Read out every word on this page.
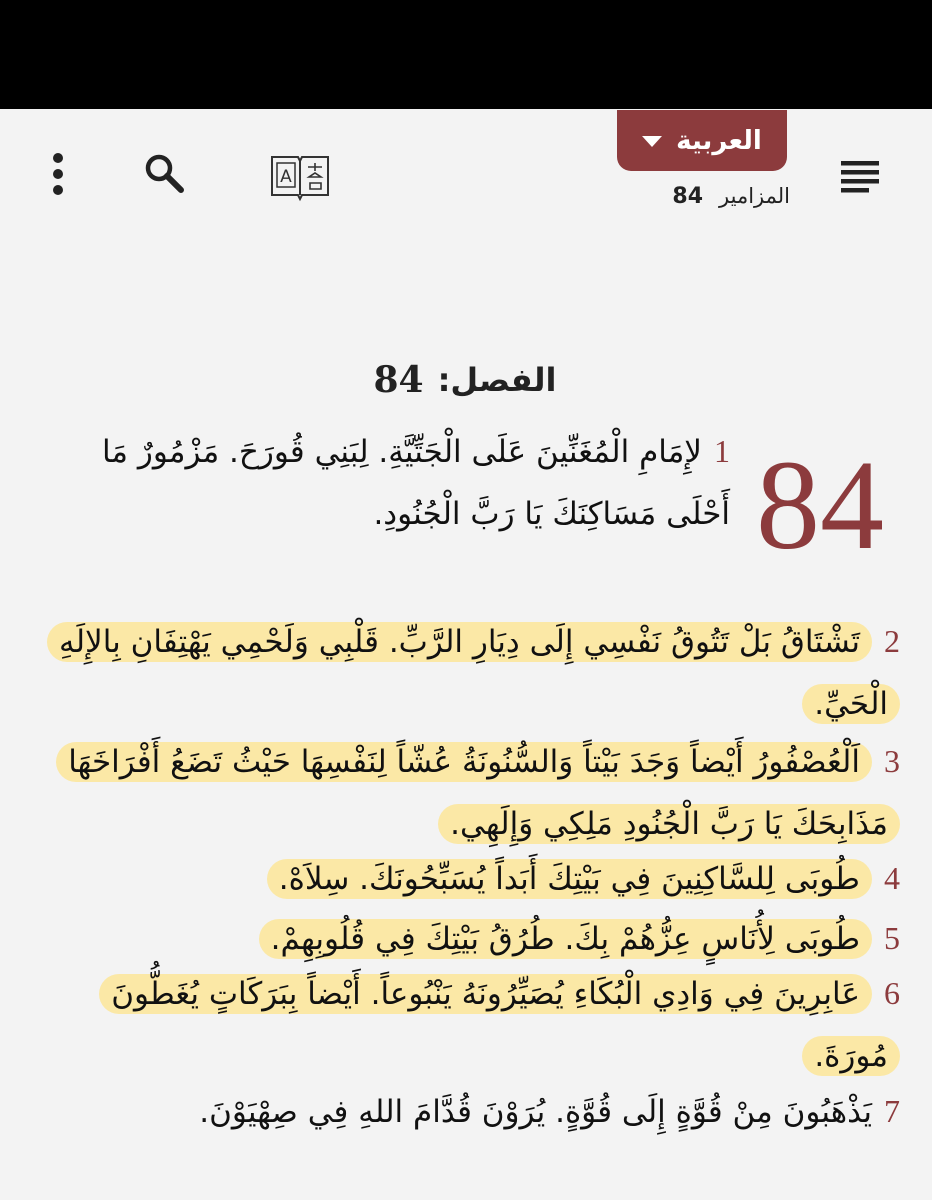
A
العربية
المزامير
84
الفصل:
84
84
1لإِمَامِ الْمُغَنِّينَ عَلَى الْجَتِّيَّةِ. لِبَنِي قُورَحَ. مَزْمُورٌ مَا أَحْلَى مَسَاكِنَكَ يَا رَبَّ الْجُنُودِ.
2تَشْتَاقُ بَلْ تَتُوقُ نَفْسِي إِلَى دِيَارِ الرَّبِّ. قَلْبِي وَلَحْمِي يَهْتِفَانِ بِالإِلَهِ الْحَيِّ.
3اَلْعُصْفُورُ أَيْضاً وَجَدَ بَيْتاً وَالسُّنُونَةُ عُشّاً لِنَفْسِهَا حَيْثُ تَضَعُ أَفْرَاخَهَا مَذَابِحَكَ يَا رَبَّ الْجُنُودِ مَلِكِي وَإِلَهِي.
4طُوبَى لِلسَّاكِنِينَ فِي بَيْتِكَ أَبَداً يُسَبِّحُونَكَ. سِلاَهْ.
5طُوبَى لِأُنَاسٍ عِزُّهُمْ بِكَ. طُرُقُ بَيْتِكَ فِي قُلُوبِهِمْ.
6عَابِرِينَ فِي وَادِي الْبُكَاءِ يُصَيِّرُونَهُ يَنْبُوعاً. أَيْضاً بِبَرَكَاتٍ يُغَطُّونَ مُورَةَ.
7يَذْهَبُونَ مِنْ قُوَّةٍ إِلَى قُوَّةٍ. يُرَوْنَ قُدَّامَ اللهِ فِي صِهْيَوْنَ.
